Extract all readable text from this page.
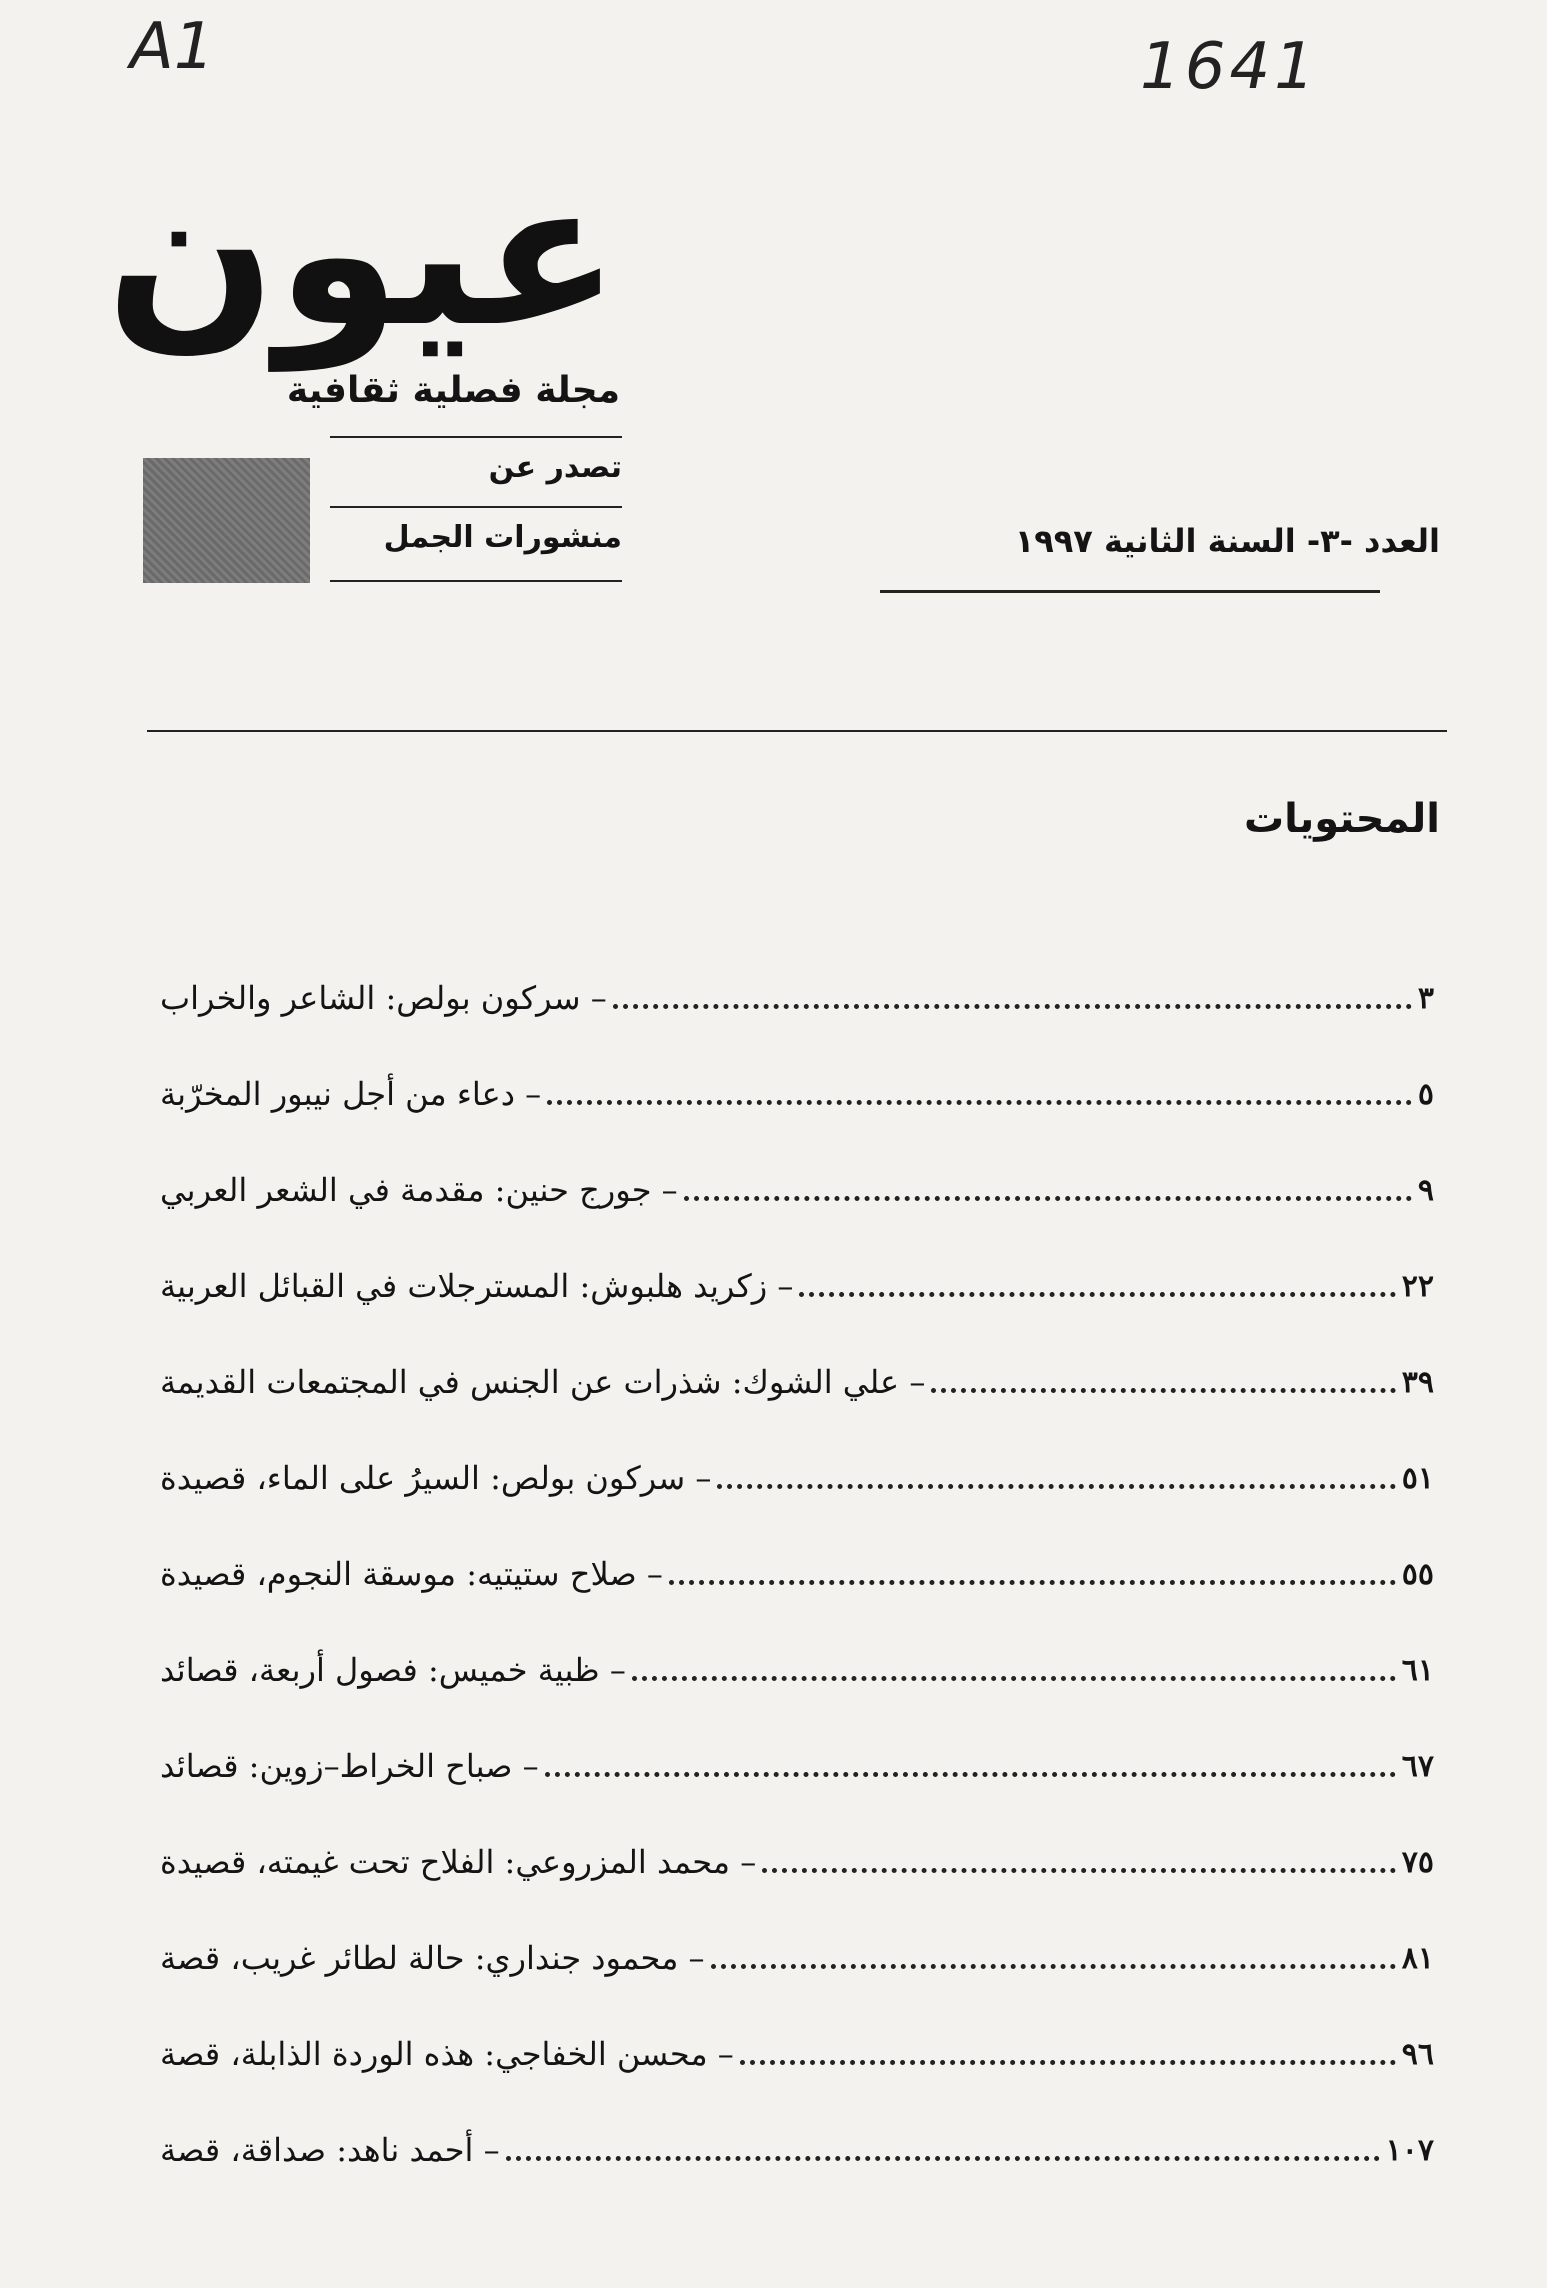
A1	1641
عيون
مجلة فصلية ثقافية
تصدر عن
منشورات الجمل	العدد -٣- السنة الثانية ١٩٩٧
المحتويات
– سركون بولص: الشاعر والخراب	٣
– دعاء من أجل نيبور المخرّبة	٥
– جورج حنين: مقدمة في الشعر العربي	٩
– زكريد هلبوش: المسترجلات في القبائل العربية	٢٢
– علي الشوك: شذرات عن الجنس في المجتمعات القديمة	٣٩
– سركون بولص: السيرُ على الماء، قصيدة	٥١
– صلاح ستيتيه: موسقة النجوم، قصيدة	٥٥
– ظبية خميس: فصول أربعة، قصائد	٦١
– صباح الخراط–زوين: قصائد	٦٧
– محمد المزروعي: الفلاح تحت غيمته، قصيدة	٧٥
– محمود جنداري: حالة لطائر غريب، قصة	٨١
– محسن الخفاجي: هذه الوردة الذابلة، قصة	٩٦
– أحمد ناهد: صداقة، قصة	١٠٧
